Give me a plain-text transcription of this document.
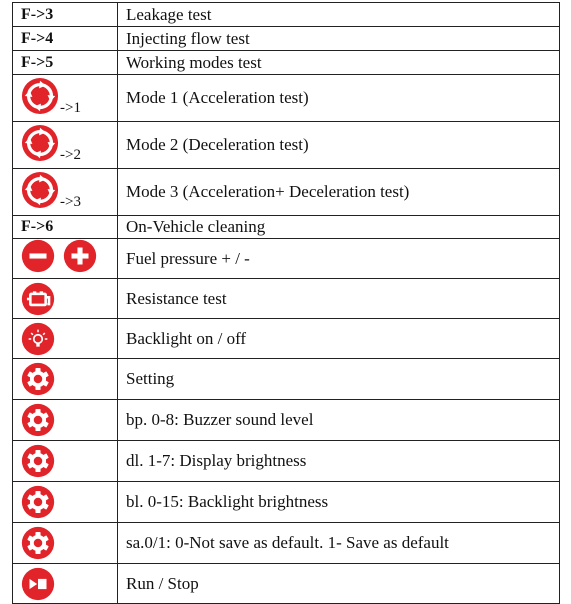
F->3	Leakage test
F->4	Injecting flow test
F->5	Working modes test

->1	Mode 1 (Acceleration test)

->2	Mode 2 (Deceleration test)

->3	Mode 3 (Acceleration+ Deceleration test)
F->6	On-Vehicle cleaning

	Fuel pressure + / -

	Resistance test

	Backlight on / off

	Setting

	bp. 0-8: Buzzer sound level

	dl. 1-7: Display brightness

	bl. 0-15: Backlight brightness

	sa.0/1: 0-Not save as default. 1- Save as default

	Run / Stop
